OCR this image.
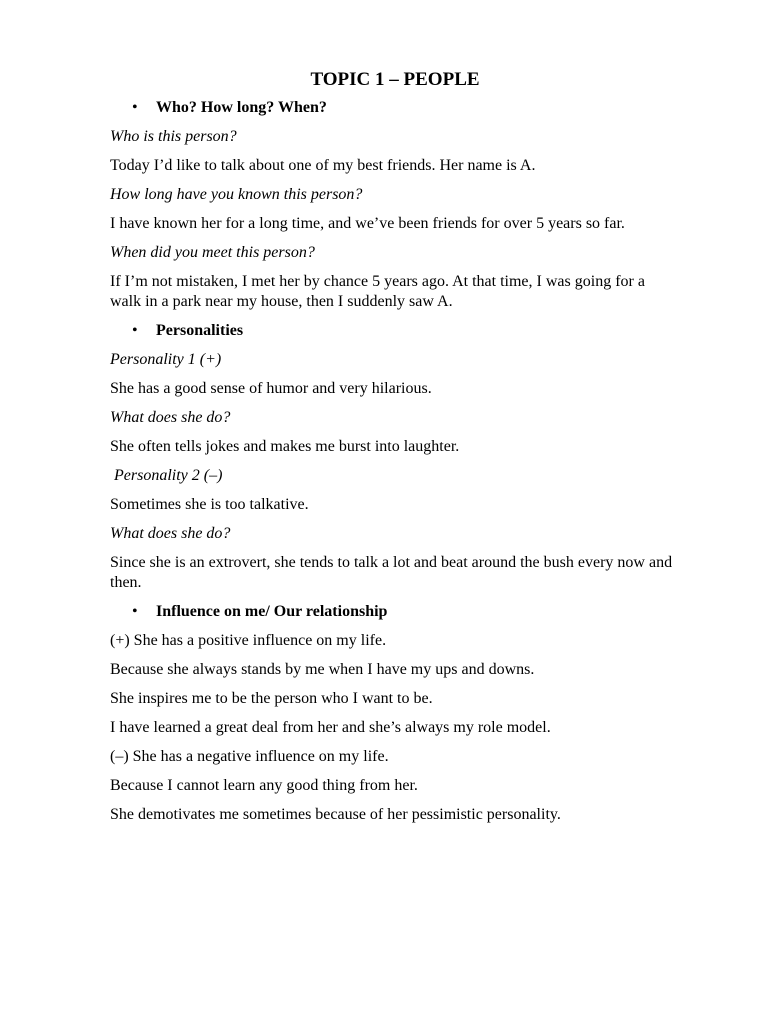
TOPIC 1 – PEOPLE
• Who? How long? When?
Who is this person?
Today I’d like to talk about one of my best friends. Her name is A.
How long have you known this person?
I have known her for a long time, and we’ve been friends for over 5 years so far.
When did you meet this person?
If I’m not mistaken, I met her by chance 5 years ago. At that time, I was going for a walk in a park near my house, then I suddenly saw A.
• Personalities
Personality 1 (+)
She has a good sense of humor and very hilarious.
What does she do?
She often tells jokes and makes me burst into laughter.
Personality 2 (–)
Sometimes she is too talkative.
What does she do?
Since she is an extrovert, she tends to talk a lot and beat around the bush every now and then.
• Influence on me/ Our relationship
(+) She has a positive influence on my life.
Because she always stands by me when I have my ups and downs.
She inspires me to be the person who I want to be.
I have learned a great deal from her and she’s always my role model.
(–) She has a negative influence on my life.
Because I cannot learn any good thing from her.
She demotivates me sometimes because of her pessimistic personality.
